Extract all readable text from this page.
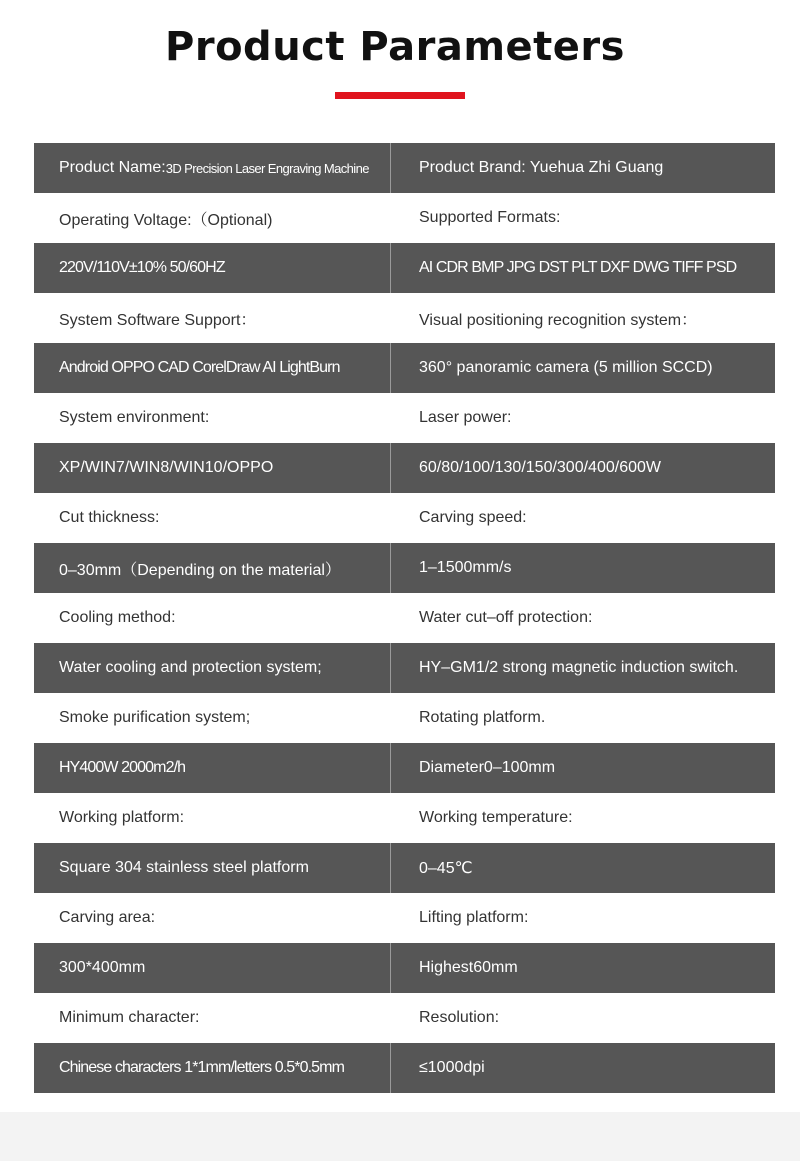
Product Parameters
Product Name: 3D Precision Laser Engraving Machine	Product Brand: Yuehua Zhi Guang
Operating Voltage:（Optional)	Supported Formats:
220V/110V±10% 50/60HZ	AI CDR BMP JPG DST PLT DXF DWG TIFF PSD
System Software Support：	Visual positioning recognition system：
Android OPPO CAD CorelDraw AI LightBurn	360° panoramic camera (5 million SCCD)
System environment:	Laser power:
XP/WIN7/WIN8/WIN10/OPPO	60/80/100/130/150/300/400/600W
Cut thickness:	Carving speed:
0–30mm（Depending on the material）	1–1500mm/s
Cooling method:	Water cut–off protection:
Water cooling and protection system;	HY–GM1/2 strong magnetic induction switch.
Smoke purification system;	Rotating platform.
HY400W 2000m2/h	Diameter0–100mm
Working platform:	Working temperature:
Square 304 stainless steel platform	0–45℃
Carving area:	Lifting platform:
300*400mm	Highest60mm
Minimum character:	Resolution:
Chinese characters 1*1mm/letters 0.5*0.5mm	≤1000dpi
